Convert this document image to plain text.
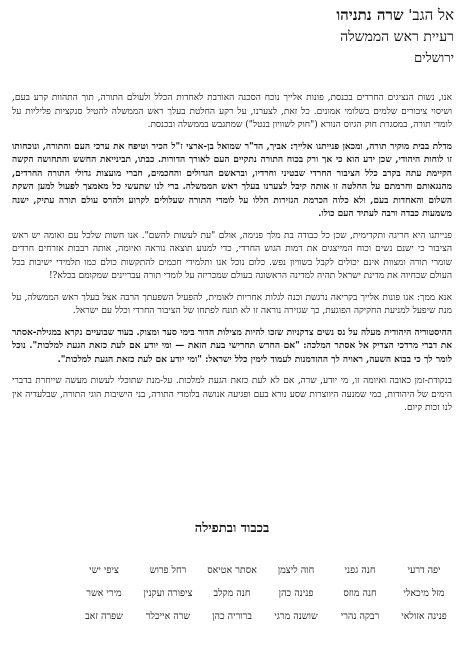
אל הגב' שרה נתניהו
רעיית ראש הממשלה
ירושלים

אנו, נשות הנציגים החרדים בכנסת, פונות אלייך נוכח הסכנה האורבת לאחדות הכלל ולעולם התורה, תוך התהוות קרע בעם, ושיסוי ציבורים שלמים בשלומי אמונים. כל זאת, לצערנו, על רקע החלטת בעלך ראש הממשלה להטיל סנקציות פליליות על לומדי תורה, במסגרת חוק הגיוס הנורא ("חוק לשוויון בנטל") שמתגבש בממשלה ובכנסת.

מדלת בבית מוקיר תורה, ומכאן פנייתנו אלייך: אביך, הד"ר שמואל בן-ארצי ז"ל הכיר וטיפח את ערכי העם והתורה, ונוכחותו זו לוחות היהודי, שכן ידע הוא כי אך ורק בכוח התורה נתקיים העם לאורך הדורות. כבתו, תבינייאת החשש והתחושה הקשה הקיימת עתה בקרב כלל הציבור החרדי שבטיני וחרדיו, ובראשם הגדולים והחכמים, חברי מועצות גדולי התורה החרדים, מהנגאותם וחרמתם על החלטה זו אותה קיבל לצערנו בעלך ראש הממשלה. ברי לנו שתעשי כל מאמצך לפעול למען השקת השלום והאחדות בעם, ולא כלוה הכרמת הגזירות הללו על לומדי התורה שעלולים לקרוע ולהרס עולם תורה עתיק, ישנה משמעות כבדה ורבה לעתיד העם כולו.

פנייתנו היא חריגה ותקדימית, שכן כל כבודה בת מלך פנימה, אולם "עת לעשות להשם". אנו חשות שלכל עם ואומה יש ראש הציבור כי ישנם נשים וכוח המייצגים את דמות הגוש החרדי, כדי למנוע תוצאה נוראה ואיומה, אותה רבבות אזרחים חרדים שומרי תורה ומצוות אינם יכולים לקבל בשוויון נפש. כלום נוכל אנו ותלמידי חכמים להתקשות כולם כמו תלמידי ישיבות בכל העולם שכחיוה את מדינת ישראל תהיה למדינה הראשונה בעולם שמכריזה על לומדי תורה עבריינים שמקומם בכלא?!

אנא ממך: אנו פונות אלייך בקריאה נרגשת וכנה לגלות אחריות לאומית, להפעיל השפעתך הרבה אצל בעלך ראש הממשלה, על מנת שיפעל למניעת החקיקה הפוגעת, כך שגזירה נוראה זו לא תונח לפתחו של הציבור החרדי וכלל עם ישראל.

ההיסטוריה היהודית מעלה על נס נשים צדקניות שזכו להיות מצילות חדור בימי סער ומצוק. בעוד שבועיים נקרא במגילת-אסתר את דברי מרדכי הצדיק אל אסתר המלכה: "אם החרש תחרישי בעת הזאת — ומי יודע אם לעת כזאת הגעת למלכות". נוכל לומר לך כי בבוא השעה, ראויה לך ההזדמנות לעמוד לימין כלל ישראל: "ומי יודע אם לעת כזאת הגעת למלכות".

בנקודת-זמן כאובה ואיומה זו, מי יודע, שרה, אם לא לעת כזאת הגעת למלכות. על-מנת שתוכלי לעשות מעשה שייחרת בדברי הימים של היהודות, כמי שמנעה היווצרות שסע נורא בעם ופגיעה אנושה בלומדי התורה, בני הישיבות הוגי התורה, שבלעדיה אין לנו זכות קיום.

בכבוד ובתפילה
יפה דרעי
חנה גפני
חוה ליצמן
אסתר אטיאס
רחל פרוש
ציפי ישי
מזל מיכאלי
חנה מוזס
פנינה כהן
חנה מקלב
ציפורה ועקנין
מירי אשר
פנינה אזולאי
רבקה נהרי
שושנה מרגי
ברוריה כהן
שרה אייכלר
שפרה זאב
